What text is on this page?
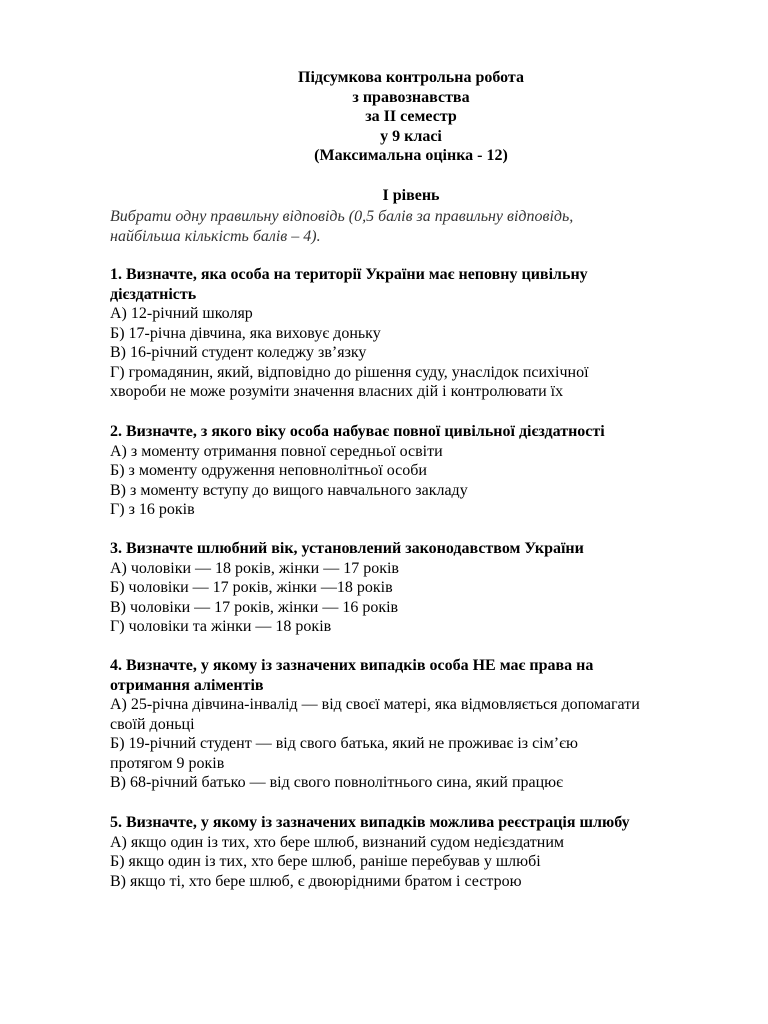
Підсумкова контрольна робота
з правознавства
за ІІ семестр
у 9 класі
(Максимальна оцінка - 12)
І рівень
Вибрати одну правильну відповідь (0,5 балів за правильну відповідь,
найбільша кількість балів – 4).
1. Визначте, яка особа на території України має неповну цивільну
дієздатність
А) 12-річний школяр
Б) 17-річна дівчина, яка виховує доньку
В) 16-річний студент коледжу зв’язку
Г) громадянин, який, відповідно до рішення суду, унаслідок психічної
хвороби не може розуміти значення власних дій і контролювати їх
2. Визначте, з якого віку особа набуває повної цивільної дієздатності
А) з моменту отримання повної середньої освіти
Б) з моменту одруження неповнолітньої особи
В) з моменту вступу до вищого навчального закладу
Г) з 16 років
3. Визначте шлюбний вік, установлений законодавством України
А) чоловіки — 18 років, жінки — 17 років
Б) чоловіки — 17 років, жінки —18 років
В) чоловіки — 17 років, жінки — 16 років
Г) чоловіки та жінки — 18 років
4. Визначте, у якому із зазначених випадків особа НЕ має права на
отримання аліментів
А) 25-річна дівчина-інвалід — від своєї матері, яка відмовляється допомагати
своїй доньці
Б) 19-річний студент — від свого батька, який не проживає із сім’єю
протягом 9 років
В) 68-річний батько — від свого повнолітнього сина, який працює
5. Визначте, у якому із зазначених випадків можлива реєстрація шлюбу
А) якщо один із тих, хто бере шлюб, визнаний судом недієздатним
Б) якщо один із тих, хто бере шлюб, раніше перебував у шлюбі
В) якщо ті, хто бере шлюб, є двоюрідними братом і сестрою
